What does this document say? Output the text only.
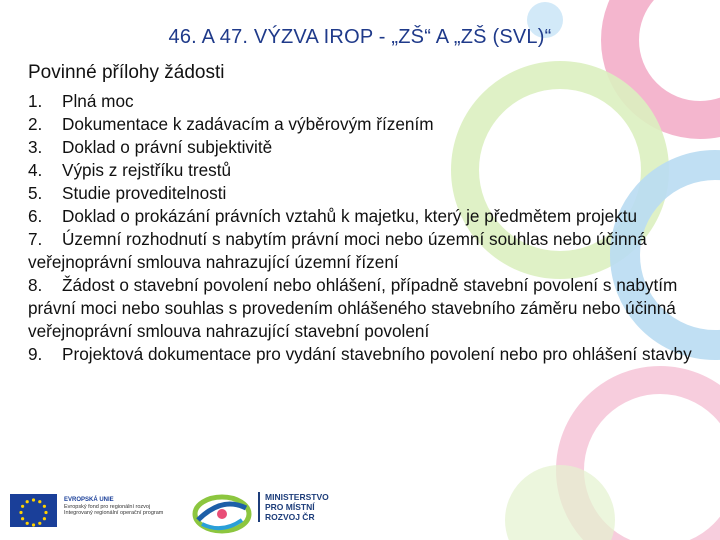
46. A 47. VÝZVA IROP - „ZŠ“ A „ZŠ (SVL)“
Povinné přílohy žádosti

1. Plná moc

2. Dokumentace k zadávacím a výběrovým řízením

3. Doklad o právní subjektivitě

4. Výpis z rejstříku trestů

5. Studie proveditelnosti

6. Doklad o prokázání právních vztahů k majetku, který je předmětem projektu

7. Územní rozhodnutí s nabytím právní moci nebo územní souhlas nebo účinná veřejnoprávní smlouva nahrazující územní řízení

8. Žádost o stavební povolení nebo ohlášení, případně stavební povolení s nabytím právní moci nebo souhlas s provedením ohlášeného stavebního záměru nebo účinná veřejnoprávní smlouva nahrazující stavební povolení

9. Projektová dokumentace pro vydání stavebního povolení nebo pro ohlášení stavby

EVROPSKÁ UNIE
Evropský fond pro regionální rozvoj
Integrovaný regionální operační program
MINISTERSTVO
PRO MÍSTNÍ
ROZVOJ ČR
